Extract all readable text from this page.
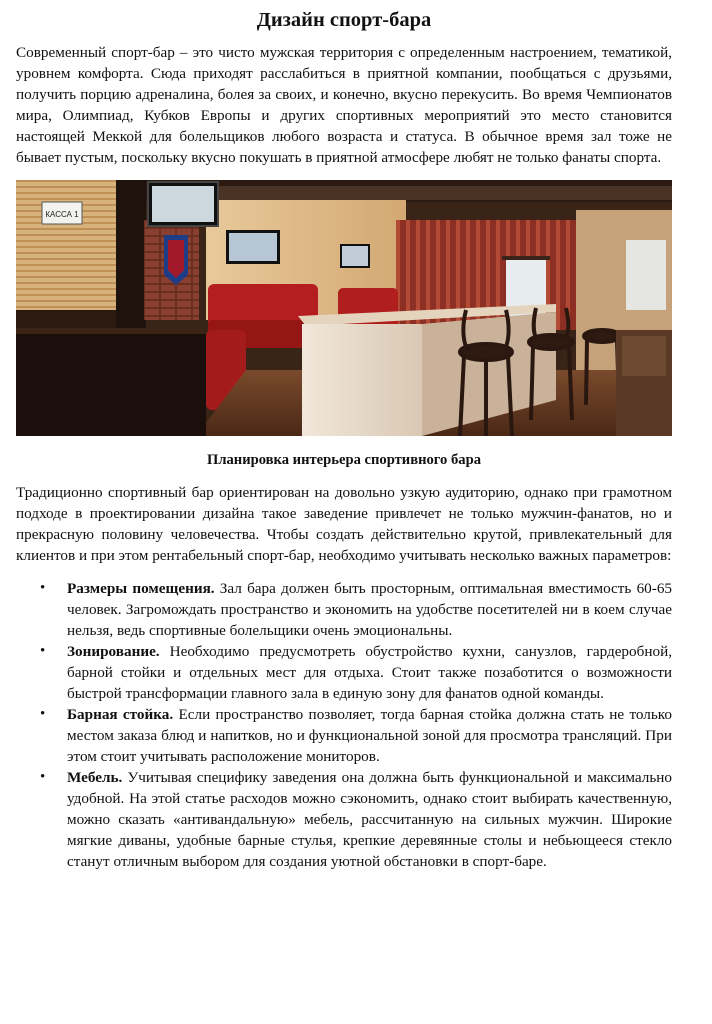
Дизайн спорт-бара

Современный спорт-бар – это чисто мужская территория с определенным настроением, тематикой, уровнем комфорта. Сюда приходят расслабиться в приятной компании, пообщаться с друзьями, получить порцию адреналина, болея за своих, и конечно, вкусно перекусить. Во время Чемпионатов мира, Олимпиад, Кубков Европы и других спортивных мероприятий это место становится настоящей Меккой для болельщиков любого возраста и статуса. В обычное время зал тоже не бывает пустым, поскольку вкусно покушать в приятной атмосфере любят не только фанаты спорта.

КАССА 1
Планировка интерьера спортивного бара

Традиционно спортивный бар ориентирован на довольно узкую аудиторию, однако при грамотном подходе в проектировании дизайна такое заведение привлечет не только мужчин-фанатов, но и прекрасную половину человечества. Чтобы создать действительно крутой, привлекательный для клиентов и при этом рентабельный спорт-бар, необходимо учитывать несколько важных параметров:

• Размеры помещения. Зал бара должен быть просторным, оптимальная вместимость 60-65 человек. Загромождать пространство и экономить на удобстве посетителей ни в коем случае нельзя, ведь спортивные болельщики очень эмоциональны.
• Зонирование. Необходимо предусмотреть обустройство кухни, санузлов, гардеробной, барной стойки и отдельных мест для отдыха. Стоит также позаботится о возможности быстрой трансформации главного зала в единую зону для фанатов одной команды.
• Барная стойка. Если пространство позволяет, тогда барная стойка должна стать не только местом заказа блюд и напитков, но и функциональной зоной для просмотра трансляций. При этом стоит учитывать расположение мониторов.
• Мебель. Учитывая специфику заведения она должна быть функциональной и максимально удобной. На этой статье расходов можно сэкономить, однако стоит выбирать качественную, можно сказать «антивандальную» мебель, рассчитанную на сильных мужчин. Широкие мягкие диваны, удобные барные стулья, крепкие деревянные столы и небьющееся стекло станут отличным выбором для создания уютной обстановки в спорт-баре.
